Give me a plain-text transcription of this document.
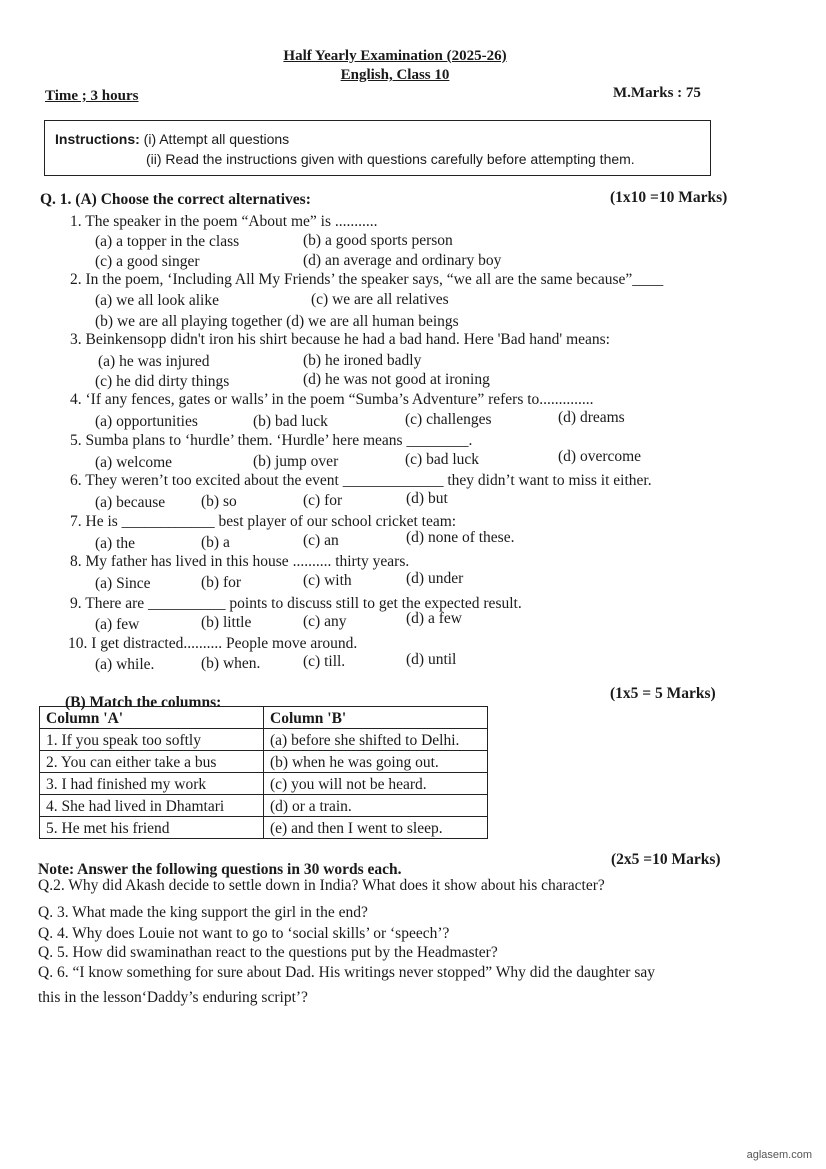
Half Yearly Examination (2025-26)
English, Class 10
Time ; 3 hours	M.Marks : 75
Instructions: (i) Attempt all questions
(ii) Read the instructions given with questions carefully before attempting them.
Q. 1. (A) Choose the correct alternatives:	(1x10 =10 Marks)
1. The speaker in the poem “About me” is ...........
(a) a topper in the class	(b) a good sports person
(c) a good singer	(d) an average and ordinary boy
2. In the poem, ‘Including All My Friends’ the speaker says, “we all are the same because”____
(a) we all look alike	(c) we are all relatives
(b) we are all playing together (d) we are all human beings
3. Beinkensopp didn't iron his shirt because he had a bad hand. Here 'Bad hand' means:
(a) he was injured	(b) he ironed badly
(c) he did dirty things	(d) he was not good at ironing
4. ‘If any fences, gates or walls’ in the poem “Sumba’s Adventure” refers to..............
(a) opportunities	(b) bad luck	(c) challenges	(d) dreams
5. Sumba plans to ‘hurdle’ them. ‘Hurdle’ here means ________.
(a) welcome	(b) jump over	(c) bad luck	(d) overcome
6. They weren’t too excited about the event _____________ they didn’t want to miss it either.
(a) because (b) so	(c) for	(d) but
7. He is ____________ best player of our school cricket team:
(a) the	(b) a	(c) an	(d) none of these.
8. My father has lived in this house .......... thirty years.
(a) Since	(b) for	(c) with	(d) under
9. There are __________ points to discuss still to get the expected result.
(a) few	(b) little	(c) any	(d) a few
10. I get distracted.......... People move around.
(a) while.	(b) when.	(c) till.	(d) until
(B) Match the columns:
(1x5 = 5 Marks)
Column 'A'	Column 'B'
1. If you speak too softly	(a) before she shifted to Delhi.
2. You can either take a bus	(b) when he was going out.
3. I had finished my work	(c) you will not be heard.
4. She had lived in Dhamtari	(d) or a train.
5. He met his friend	(e) and then I went to sleep.
Note: Answer the following questions in 30 words each.
(2x5 =10 Marks)
Q.2. Why did Akash decide to settle down in India? What does it show about his character?
Q. 3. What made the king support the girl in the end?
Q. 4. Why does Louie not want to go to ‘social skills’ or ‘speech’?
Q. 5. How did swaminathan react to the questions put by the Headmaster?
Q. 6. “I know something for sure about Dad. His writings never stopped” Why did the daughter say
this in the lesson‘Daddy’s enduring script’?
aglasem.com
